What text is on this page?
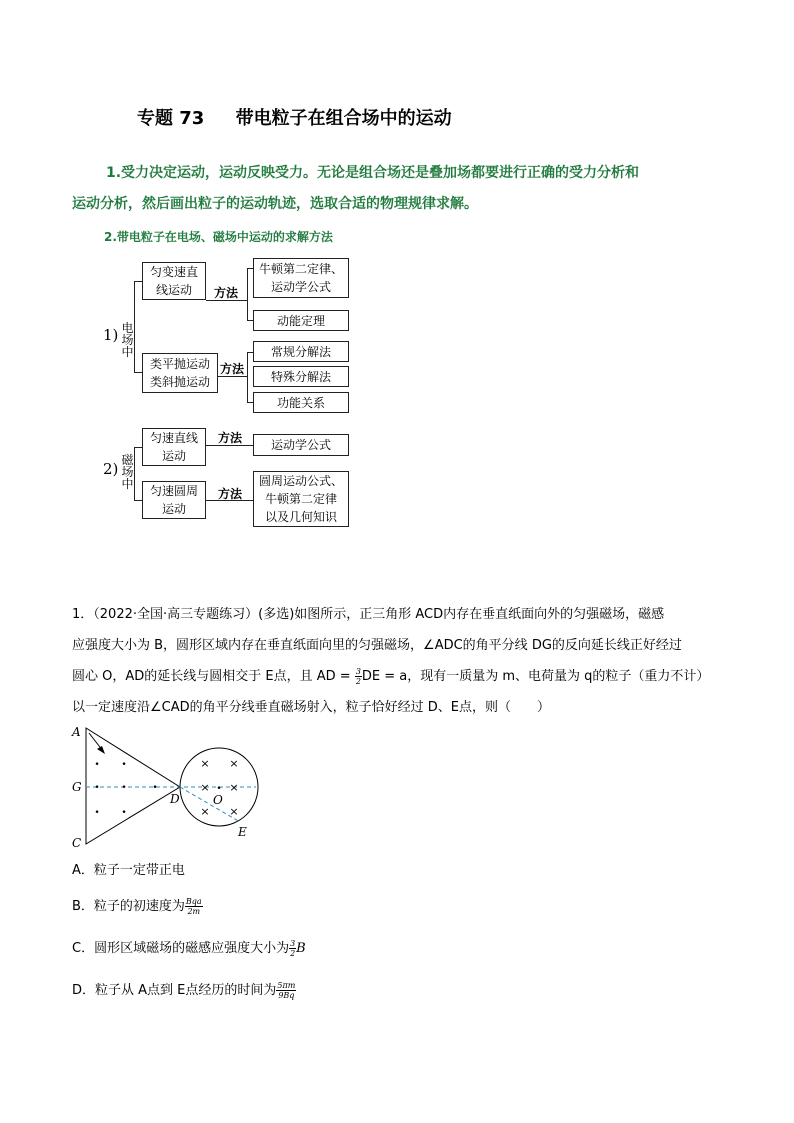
专题 73     带电粒子在组合场中的运动
1.受力决定运动，运动反映受力。无论是组合场还是叠加场都要进行正确的受力分析和
运动分析，然后画出粒子的运动轨迹，选取合适的物理规律求解。
2.带电粒子在电场、磁场中运动的求解方法
1) 电
场
中
匀变速直
线运动 方法
牛顿第二定律、
运动学公式
动能定理
类平抛运动
类斜抛运动
方法
常规分解法
特殊分解法
功能关系
2) 磁
场
中
匀速直线
运动
方法	运动学公式
匀速圆周
运动
方法
圆周运动公式、
牛顿第二定律
以及几何知识
1．（2022·全国·高三专题练习）(多选)如图所示，正三角形 ACD内存在垂直纸面向外的匀强磁场，磁感
应强度大小为 B，圆形区域内存在垂直纸面向里的匀强磁场，∠ADC的角平分线 DG的反向延长线正好经过
圆心 O，AD的延长线与圆相交于 E点，且 AD = $\frac{3}{2}$ DE = a，现有一质量为 m、电荷量为 q的粒子（重力不计）
以一定速度沿∠CAD的角平分线垂直磁场射入，粒子恰好经过 D、E点，则（　　）
• •
• •	•
• •
× ×
× ×
× ×
•
A
G
C
D	O
E
A．粒子一定带正电
B．粒子的初速度为 $\frac{\text{Bqa}}{2m}$
C．圆形区域磁场的磁感应强度大小为 $\frac{3}{2}$ B
D．粒子从 A点到 E点经历的时间为 $\frac{5\pi m}{9Bq}$
